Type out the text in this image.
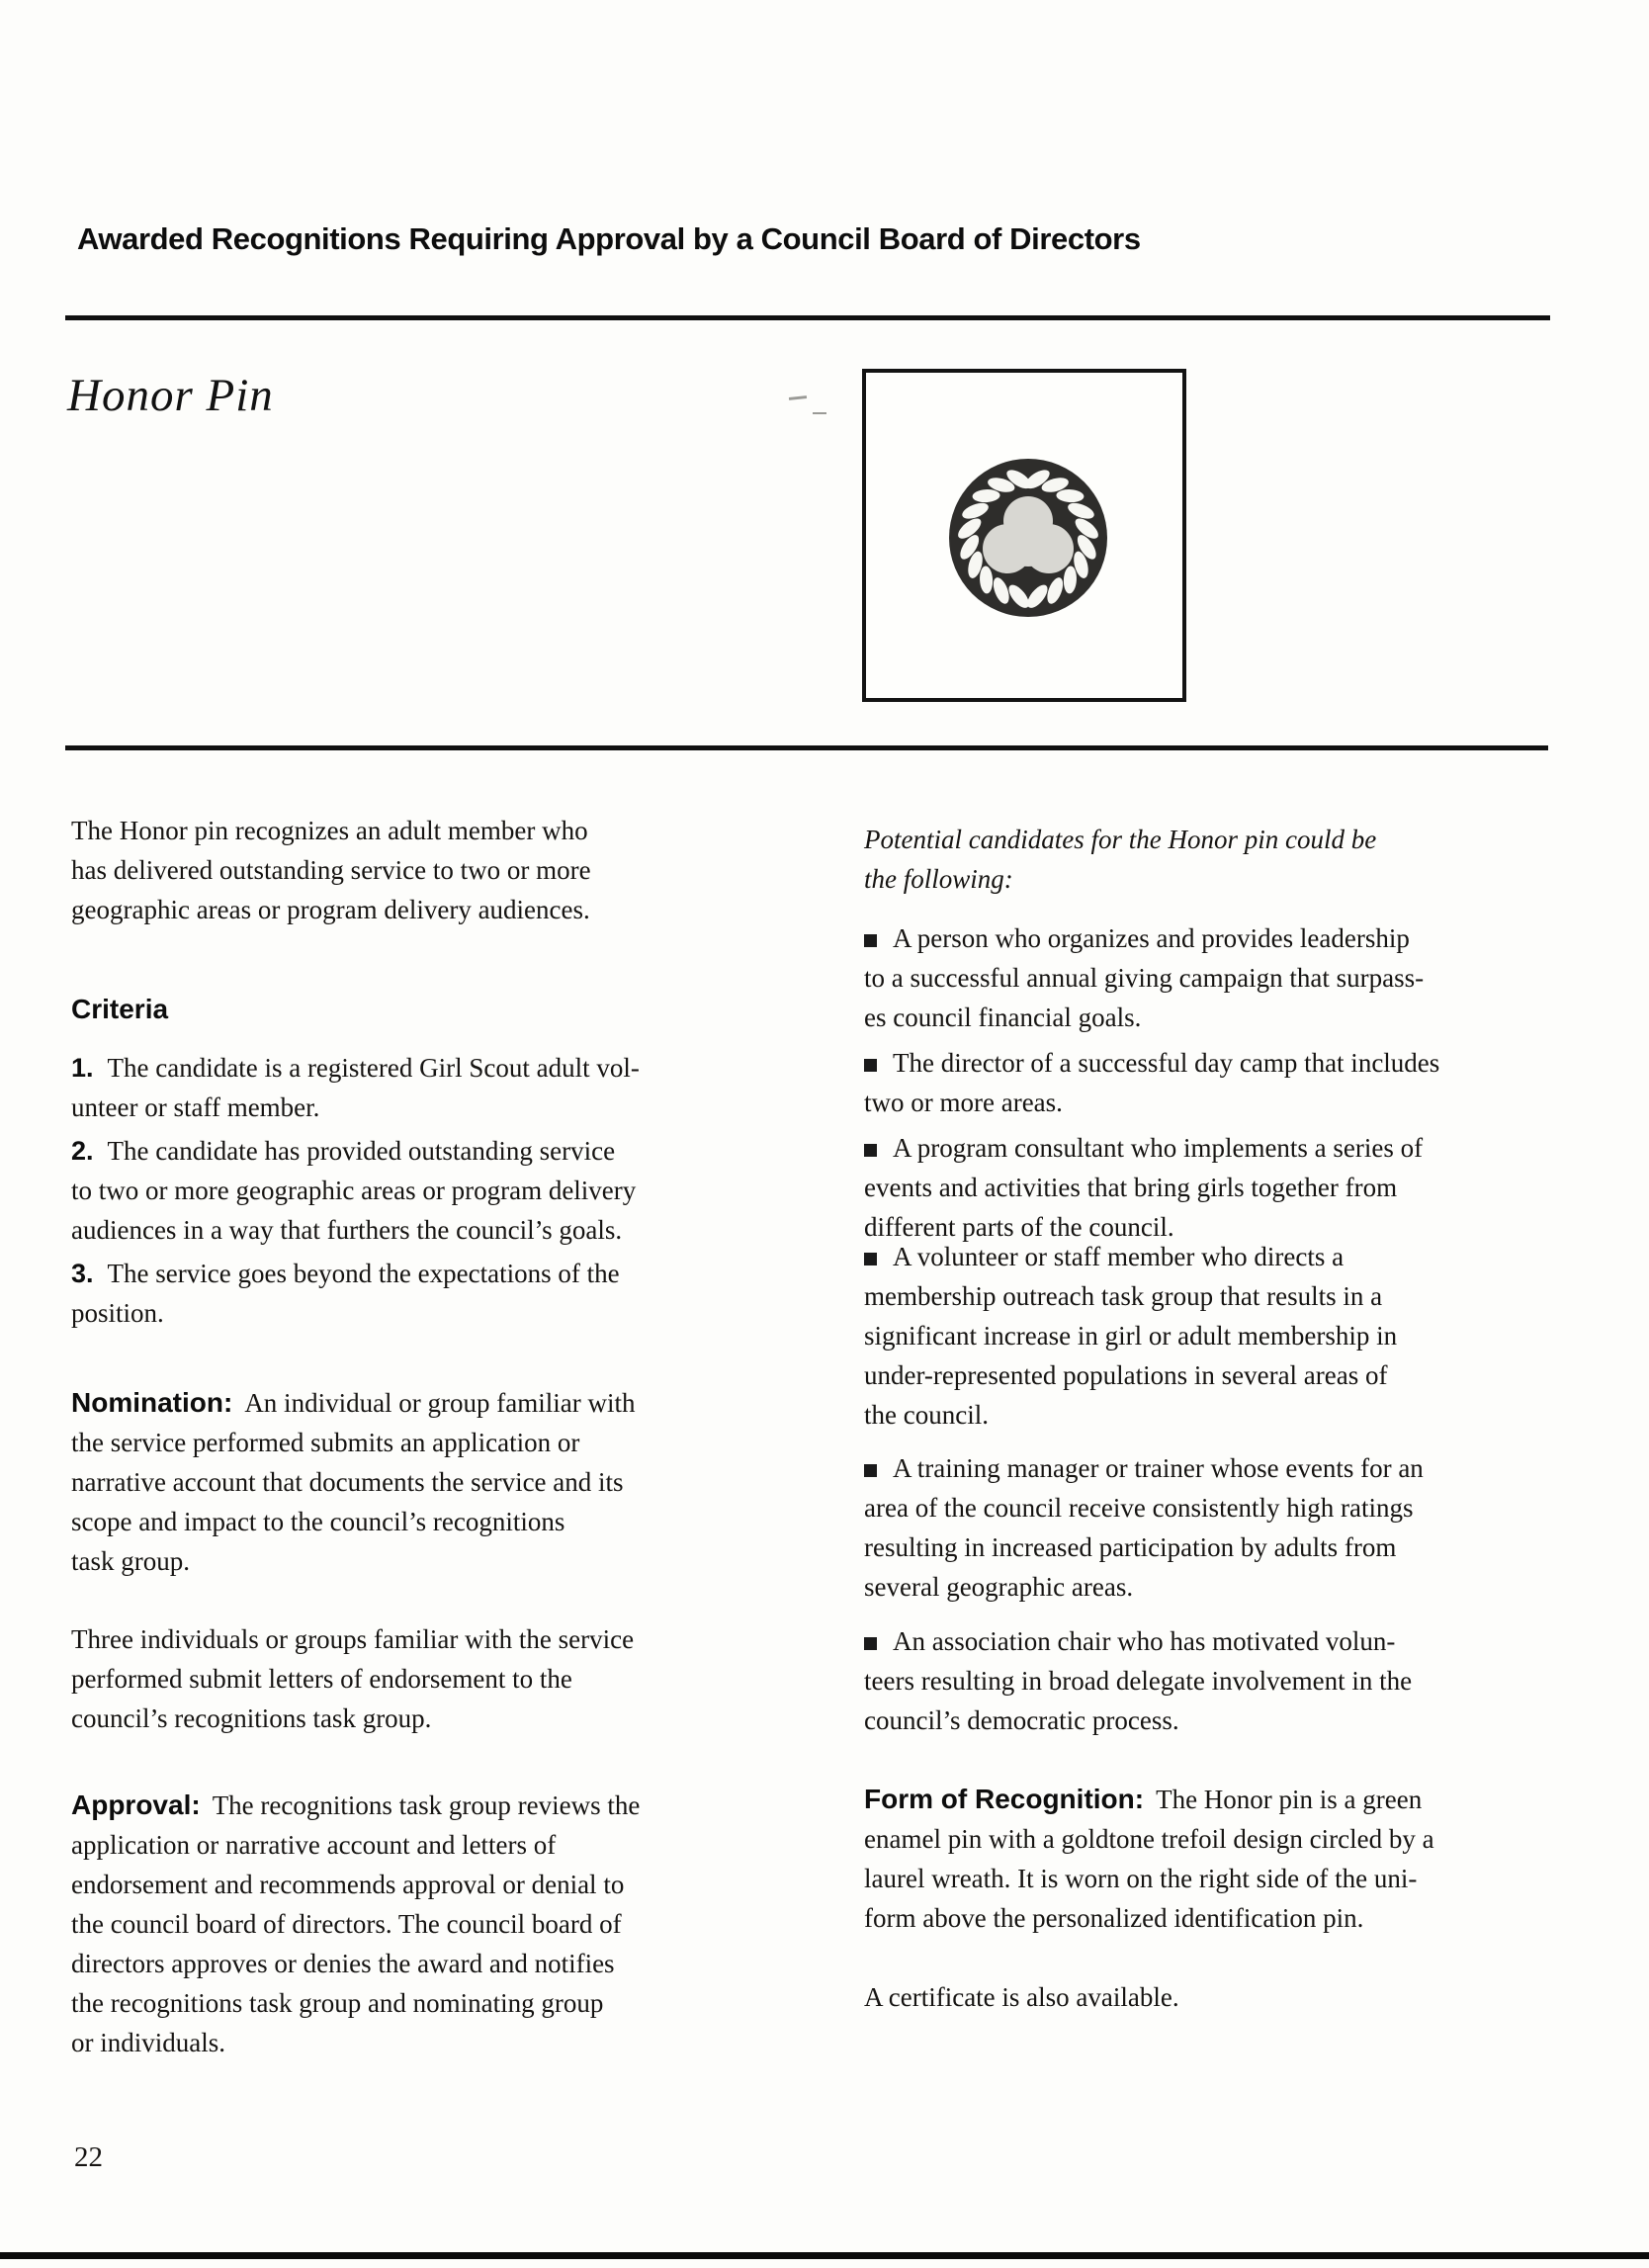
Awarded Recognitions Requiring Approval by a Council Board of Directors
Honor Pin
The Honor pin recognizes an adult member who
has delivered outstanding service to two or more
geographic areas or program delivery audiences.
Criteria
1. The candidate is a registered Girl Scout adult vol-
unteer or staff member.
2. The candidate has provided outstanding service
to two or more geographic areas or program delivery
audiences in a way that furthers the council’s goals.
3. The service goes beyond the expectations of the
position.
Nomination: An individual or group familiar with
the service performed submits an application or
narrative account that documents the service and its
scope and impact to the council’s recognitions
task group.
Three individuals or groups familiar with the service
performed submit letters of endorsement to the
council’s recognitions task group.
Approval: The recognitions task group reviews the
application or narrative account and letters of
endorsement and recommends approval or denial to
the council board of directors. The council board of
directors approves or denies the award and notifies
the recognitions task group and nominating group
or individuals.
Potential candidates for the Honor pin could be
the following:
A person who organizes and provides leadership
to a successful annual giving campaign that surpass-
es council financial goals.
The director of a successful day camp that includes
two or more areas.
A program consultant who implements a series of
events and activities that bring girls together from
different parts of the council.
A volunteer or staff member who directs a
membership outreach task group that results in a
significant increase in girl or adult membership in
under-represented populations in several areas of
the council.
A training manager or trainer whose events for an
area of the council receive consistently high ratings
resulting in increased participation by adults from
several geographic areas.
An association chair who has motivated volun-
teers resulting in broad delegate involvement in the
council’s democratic process.
Form of Recognition: The Honor pin is a green
enamel pin with a goldtone trefoil design circled by a
laurel wreath. It is worn on the right side of the uni-
form above the personalized identification pin.
A certificate is also available.
22
